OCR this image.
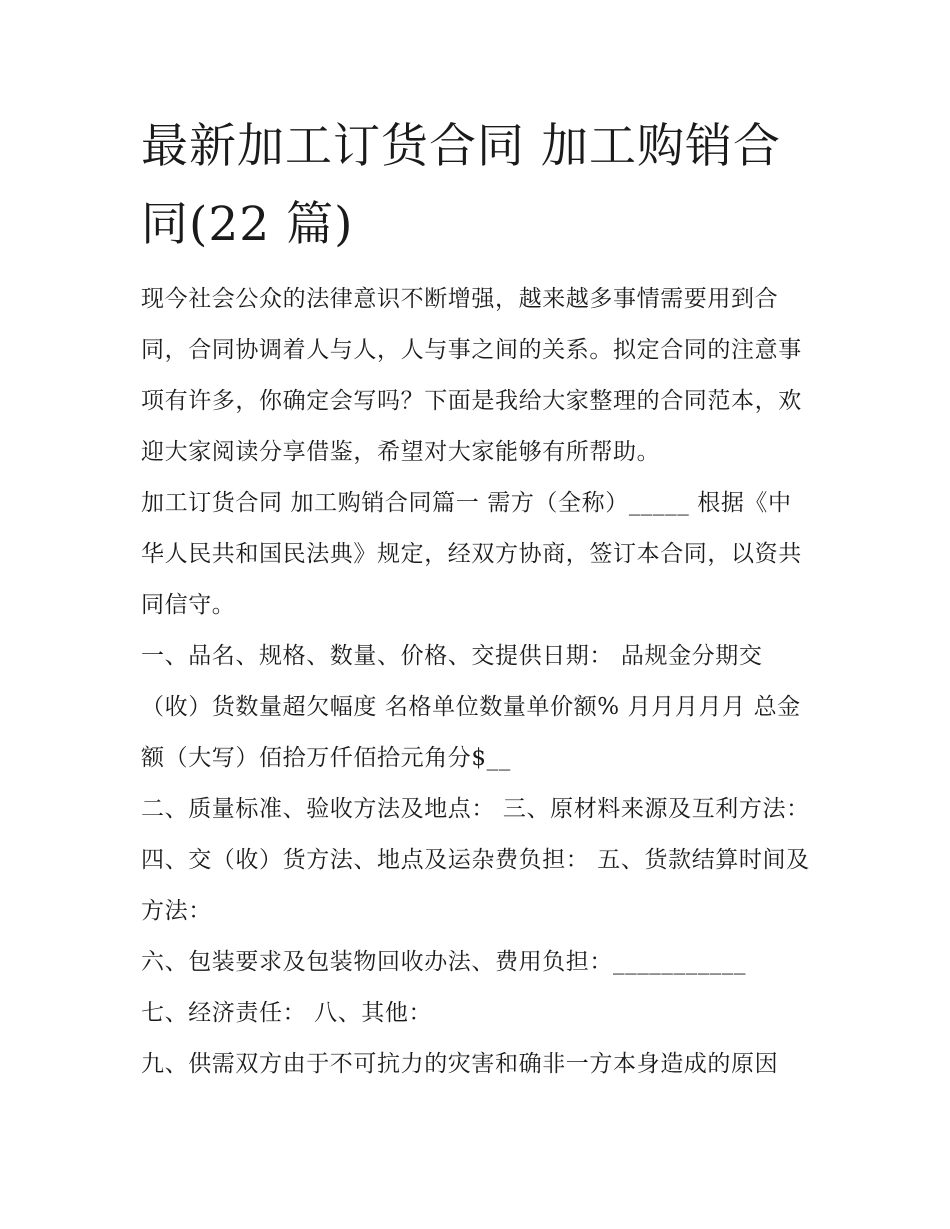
最新加工订货合同 加工购销合同(22 篇)

现今社会公众的法律意识不断增强，越来越多事情需要用到合同，合同协调着人与人，人与事之间的关系。拟定合同的注意事项有许多，你确定会写吗？下面是我给大家整理的合同范本，欢迎大家阅读分享借鉴，希望对大家能够有所帮助。

加工订货合同 加工购销合同篇一 需方（全称）_____ 根据《中华人民共和国民法典》规定，经双方协商，签订本合同，以资共同信守。

一、品名、规格、数量、价格、交提供日期： 品规金分期交（收）货数量超欠幅度 名格单位数量单价额% 月月月月月 总金额（大写）佰拾万仟佰拾元角分$__

二、质量标准、验收方法及地点： 三、原材料来源及互利方法： 四、交（收）货方法、地点及运杂费负担： 五、货款结算时间及方法：

六、包装要求及包装物回收办法、费用负担：___________

七、经济责任： 八、其他：

九、供需双方由于不可抗力的灾害和确非一方本身造成的原因
